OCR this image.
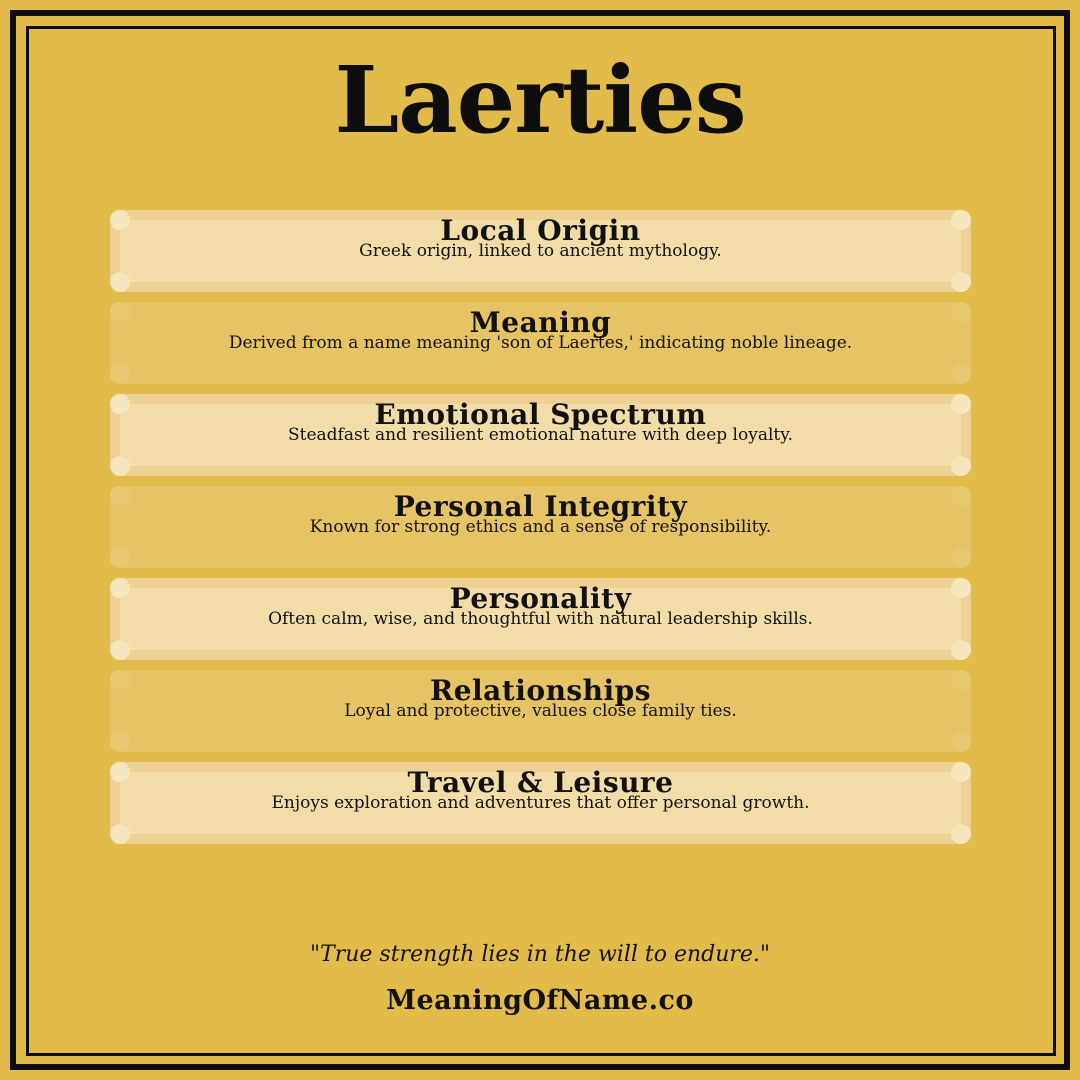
Laerties
Local Origin
Greek origin, linked to ancient mythology.
Meaning
Derived from a name meaning 'son of Laertes,' indicating noble lineage.
Emotional Spectrum
Steadfast and resilient emotional nature with deep loyalty.
Personal Integrity
Known for strong ethics and a sense of responsibility.
Personality
Often calm, wise, and thoughtful with natural leadership skills.
Relationships
Loyal and protective, values close family ties.
Travel & Leisure
Enjoys exploration and adventures that offer personal growth.
"True strength lies in the will to endure."
MeaningOfName.co
